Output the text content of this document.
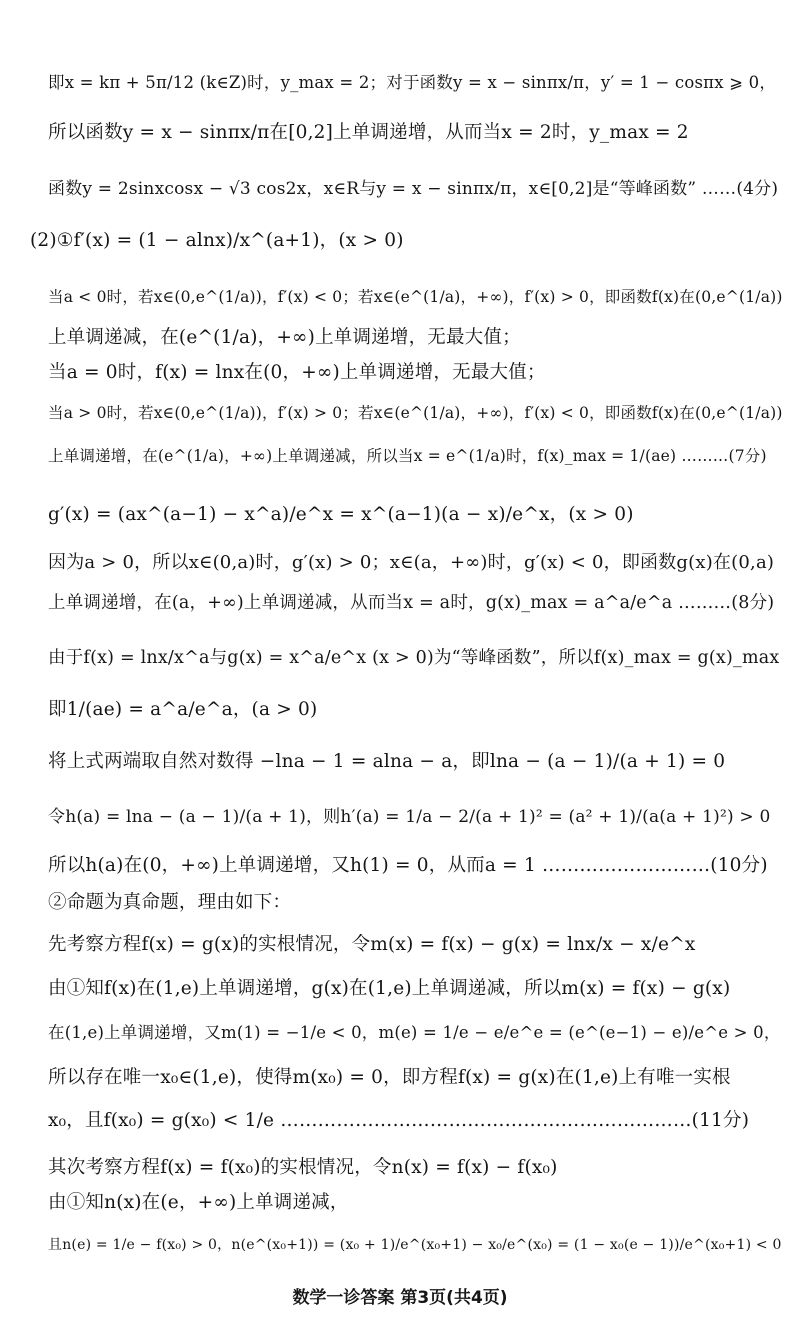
即x = kπ + 5π/12 (k∈Z)时，y_max = 2；对于函数y = x − sinπx/π，y′ = 1 − cosπx ⩾ 0，
所以函数y = x − sinπx/π在[0,2]上单调递增，从而当x = 2时，y_max = 2
函数y = 2sinxcosx − √3 cos2x，x∈R与y = x − sinπx/π，x∈[0,2]是“等峰函数” ……(4分)
(2)①f′(x) = (1 − alnx)/x^(a+1)，(x > 0)
当a < 0时，若x∈(0,e^(1/a))，f′(x) < 0；若x∈(e^(1/a)，+∞)，f′(x) > 0，即函数f(x)在(0,e^(1/a))
上单调递减，在(e^(1/a)，+∞)上单调递增，无最大值；
当a = 0时，f(x) = lnx在(0，+∞)上单调递增，无最大值；
当a > 0时，若x∈(0,e^(1/a))，f′(x) > 0；若x∈(e^(1/a)，+∞)，f′(x) < 0，即函数f(x)在(0,e^(1/a))
上单调递增，在(e^(1/a)，+∞)上单调递减，所以当x = e^(1/a)时，f(x)_max = 1/(ae) ………(7分)
g′(x) = (ax^(a−1) − x^a)/e^x = x^(a−1)(a − x)/e^x，(x > 0)
因为a > 0，所以x∈(0,a)时，g′(x) > 0；x∈(a，+∞)时，g′(x) < 0，即函数g(x)在(0,a)
上单调递增，在(a，+∞)上单调递减，从而当x = a时，g(x)_max = a^a/e^a ………(8分)
由于f(x) = lnx/x^a与g(x) = x^a/e^x (x > 0)为“等峰函数”，所以f(x)_max = g(x)_max
即1/(ae) = a^a/e^a，(a > 0)
将上式两端取自然对数得 −lna − 1 = alna − a，即lna − (a − 1)/(a + 1) = 0
令h(a) = lna − (a − 1)/(a + 1)，则h′(a) = 1/a − 2/(a + 1)² = (a² + 1)/(a(a + 1)²) > 0
所以h(a)在(0，+∞)上单调递增，又h(1) = 0，从而a = 1 ………………………(10分)
②命题为真命题，理由如下：
先考察方程f(x) = g(x)的实根情况，令m(x) = f(x) − g(x) = lnx/x − x/e^x
由①知f(x)在(1,e)上单调递增，g(x)在(1,e)上单调递减，所以m(x) = f(x) − g(x)
在(1,e)上单调递增，又m(1) = −1/e < 0，m(e) = 1/e − e/e^e = (e^(e−1) − e)/e^e > 0，
所以存在唯一x₀∈(1,e)，使得m(x₀) = 0，即方程f(x) = g(x)在(1,e)上有唯一实根
x₀，且f(x₀) = g(x₀) < 1/e …………………………………………………………(11分)
其次考察方程f(x) = f(x₀)的实根情况，令n(x) = f(x) − f(x₀)
由①知n(x)在(e，+∞)上单调递减，
且n(e) = 1/e − f(x₀) > 0，n(e^(x₀+1)) = (x₀ + 1)/e^(x₀+1) − x₀/e^(x₀) = (1 − x₀(e − 1))/e^(x₀+1) < 0
数学一诊答案 第3页(共4页)
